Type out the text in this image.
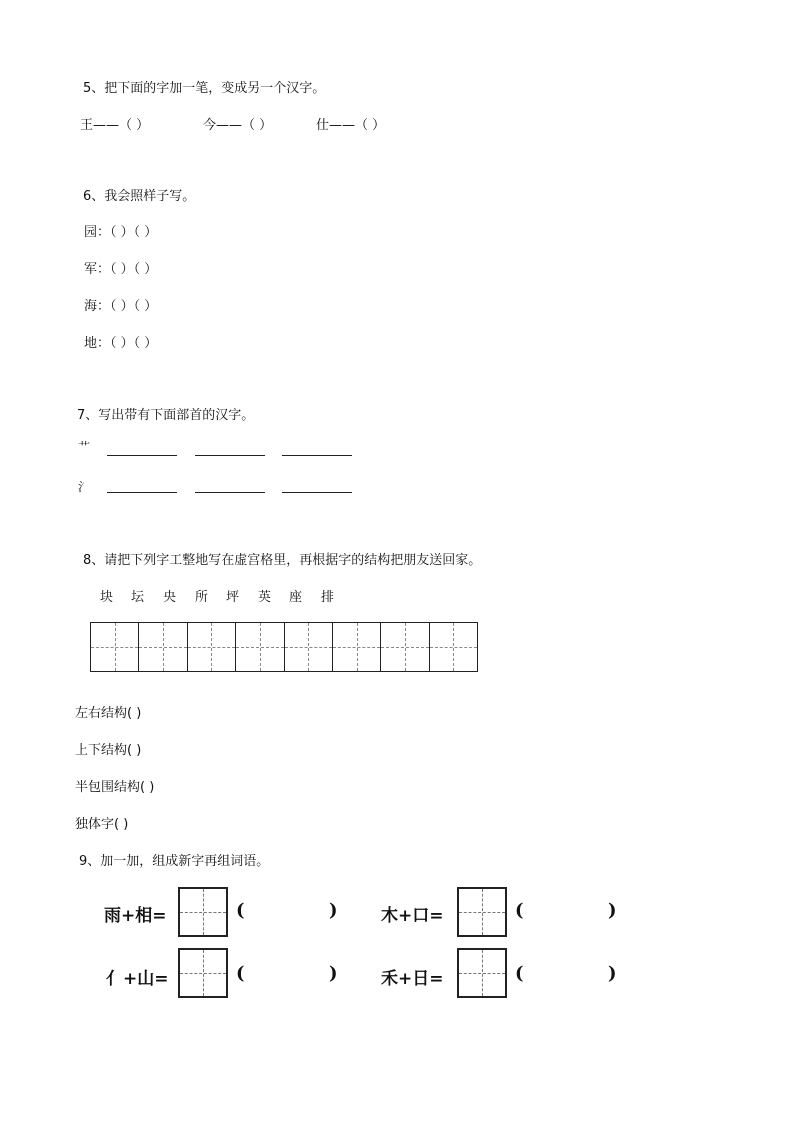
5、把下面的字加一笔，变成另一个汉字。
王——（ ）	今——（ ）	仕——（ ）
6、我会照样子写。
园：（ ）（ ）
军：（ ）（ ）
海：（ ）（ ）
地：（ ）（ ）
7、写出带有下面部首的汉字。
艹
氵
8、请把下列字工整地写在虚宫格里，再根据字的结构把朋友送回家。
块 坛 央 所 坪 英 座 排
左右结构( )
上下结构( )
半包围结构( )
独体字( )
9、加一加，组成新字再组词语。
雨+相=	(	)	木+口=	(	)
亻+山=	(	)	禾+日=	(	)
